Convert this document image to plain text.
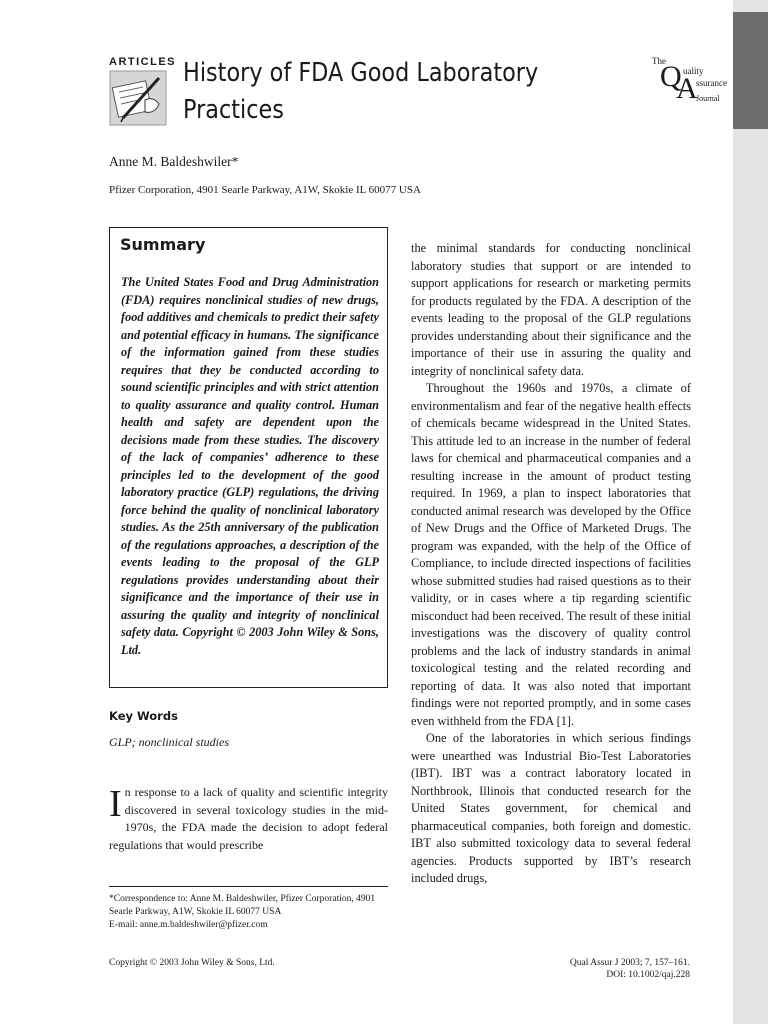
ARTICLES History of FDA Good Laboratory Practices
The
Q uality
ssurance
A
Journal
Anne M. Baldeshwiler*
Pfizer Corporation, 4901 Searle Parkway, A1W, Skokie IL 60077 USA
Summary
The United States Food and Drug Administration (FDA) requires nonclinical studies of new drugs, food additives and chemicals to predict their safety and potential efficacy in humans. The significance of the information gained from these studies requires that they be conducted according to sound scientific principles and with strict attention to quality assurance and quality control. Human health and safety are dependent upon the decisions made from these studies. The discovery of the lack of companies’ adherence to these principles led to the development of the good laboratory practice (GLP) regulations, the driving force behind the quality of nonclinical laboratory studies. As the 25th anniversary of the publication of the regulations approaches, a description of the events leading to the proposal of the GLP regulations provides understanding about their significance and the importance of their use in assuring the quality and integrity of nonclinical safety data. Copyright © 2003 John Wiley & Sons, Ltd.
Key Words
GLP; nonclinical studies
In response to a lack of quality and scientific integrity discovered in several toxicology studies in the mid-1970s, the FDA made the decision to adopt federal regulations that would prescribe
*Correspondence to: Anne M. Baldeshwiler, Pfizer Corporation, 4901 Searle Parkway, A1W, Skokie IL 60077 USA
E-mail: anne.m.baldeshwiler@pfizer.com
Copyright © 2003 John Wiley & Sons, Ltd.	Qual Assur J 2003; 7, 157–161.
DOI: 10.1002/qaj.228

the minimal standards for conducting nonclinical laboratory studies that support or are intended to support applications for research or marketing permits for products regulated by the FDA. A description of the events leading to the proposal of the GLP regulations provides understanding about their significance and the importance of their use in assuring the quality and integrity of nonclinical safety data.

Throughout the 1960s and 1970s, a climate of environmentalism and fear of the negative health effects of chemicals became widespread in the United States. This attitude led to an increase in the number of federal laws for chemical and pharmaceutical companies and a resulting increase in the amount of product testing required. In 1969, a plan to inspect laboratories that conducted animal research was developed by the Office of New Drugs and the Office of Marketed Drugs. The program was expanded, with the help of the Office of Compliance, to include directed inspections of facilities whose submitted studies had raised questions as to their validity, or in cases where a tip regarding scientific misconduct had been received. The result of these initial investigations was the discovery of quality control problems and the lack of industry standards in animal toxicological testing and the related recording and reporting of data. It was also noted that important findings were not reported promptly, and in some cases even withheld from the FDA [1].

One of the laboratories in which serious findings were unearthed was Industrial Bio-Test Laboratories (IBT). IBT was a contract laboratory located in Northbrook, Illinois that conducted research for the United States government, for chemical and pharmaceutical companies, both foreign and domestic. IBT also submitted toxicology data to several federal agencies. Products supported by IBT’s research included drugs,
